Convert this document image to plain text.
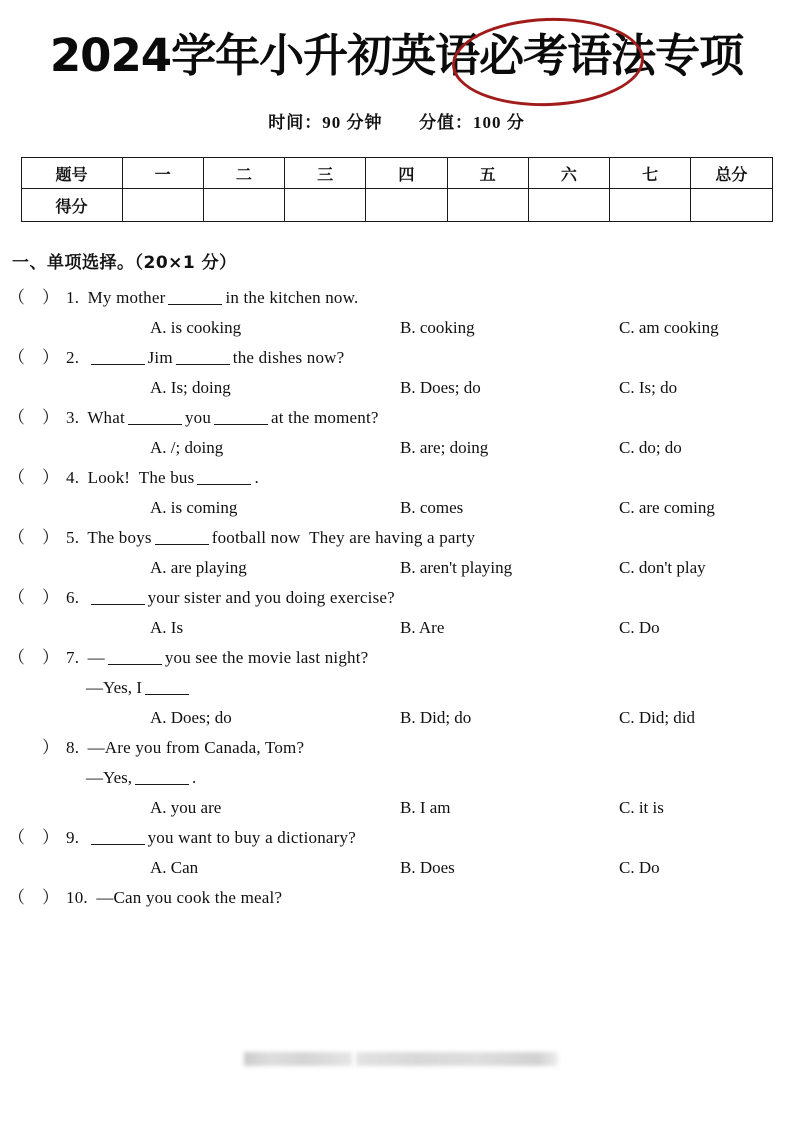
2024学年小升初英语必考语法专项
时间：90 分钟 分值：100 分
题号	一	二	三	四	五	六	七	总分
得分								
一、单项选择。（20×1 分）
（ ） 1. My mother	in the kitchen now.
A. is cooking	B. cooking	C. am cooking
（ ） 2.	Jim	the dishes now?
A. Is; doing	B. Does; do	C. Is; do
（ ） 3. What	you	at the moment?
A. /; doing	B. are; doing	C. do; do
（ ） 4. Look!  The bus	.
A. is coming	B. comes	C. are coming
（ ） 5. The boys	football now  They are having a party
A. are playing	B. aren't playing	C. don't play
（ ） 6.	your sister and you doing exercise?
A. Is	B. Are	C. Do
（ ） 7. —	you see the movie last night?
—Yes, I
A. Does; do	B. Did; do	C. Did; did
） 8. —Are you from Canada, Tom?
—Yes,	.
A. you are	B. I am	C. it is
（ ） 9.	you want to buy a dictionary?
A. Can	B. Does	C. Do
（ ） 10. —Can you cook the meal?
